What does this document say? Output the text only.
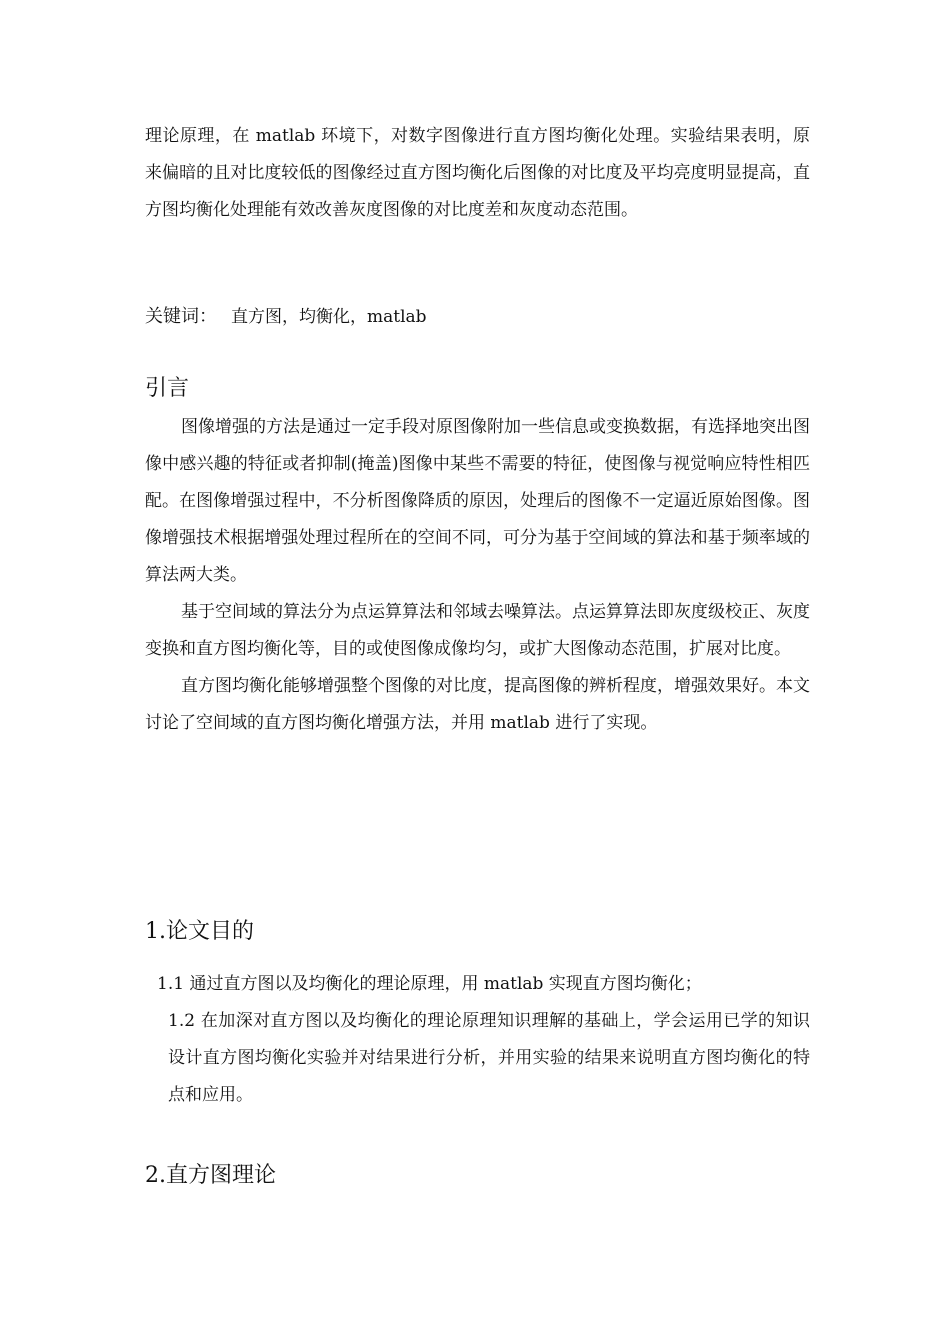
理论原理，在 matlab 环境下，对数字图像进行直方图均衡化处理。实验结果表明，原来偏暗的且对比度较低的图像经过直方图均衡化后图像的对比度及平均亮度明显提高，直方图均衡化处理能有效改善灰度图像的对比度差和灰度动态范围。

关键词： 直方图，均衡化，matlab
引言

图像增强的方法是通过一定手段对原图像附加一些信息或变换数据，有选择地突出图像中感兴趣的特征或者抑制(掩盖)图像中某些不需要的特征，使图像与视觉响应特性相匹配。在图像增强过程中，不分析图像降质的原因，处理后的图像不一定逼近原始图像。图像增强技术根据增强处理过程所在的空间不同，可分为基于空间域的算法和基于频率域的算法两大类。

基于空间域的算法分为点运算算法和邻域去噪算法。点运算算法即灰度级校正、灰度变换和直方图均衡化等，目的或使图像成像均匀，或扩大图像动态范围，扩展对比度。

直方图均衡化能够增强整个图像的对比度，提高图像的辨析程度，增强效果好。本文讨论了空间域的直方图均衡化增强方法，并用 matlab 进行了实现。

1.论文目的

1.1 通过直方图以及均衡化的理论原理，用 matlab 实现直方图均衡化；

1.2 在加深对直方图以及均衡化的理论原理知识理解的基础上，学会运用已学的知识设计直方图均衡化实验并对结果进行分析，并用实验的结果来说明直方图均衡化的特点和应用。

2.直方图理论
